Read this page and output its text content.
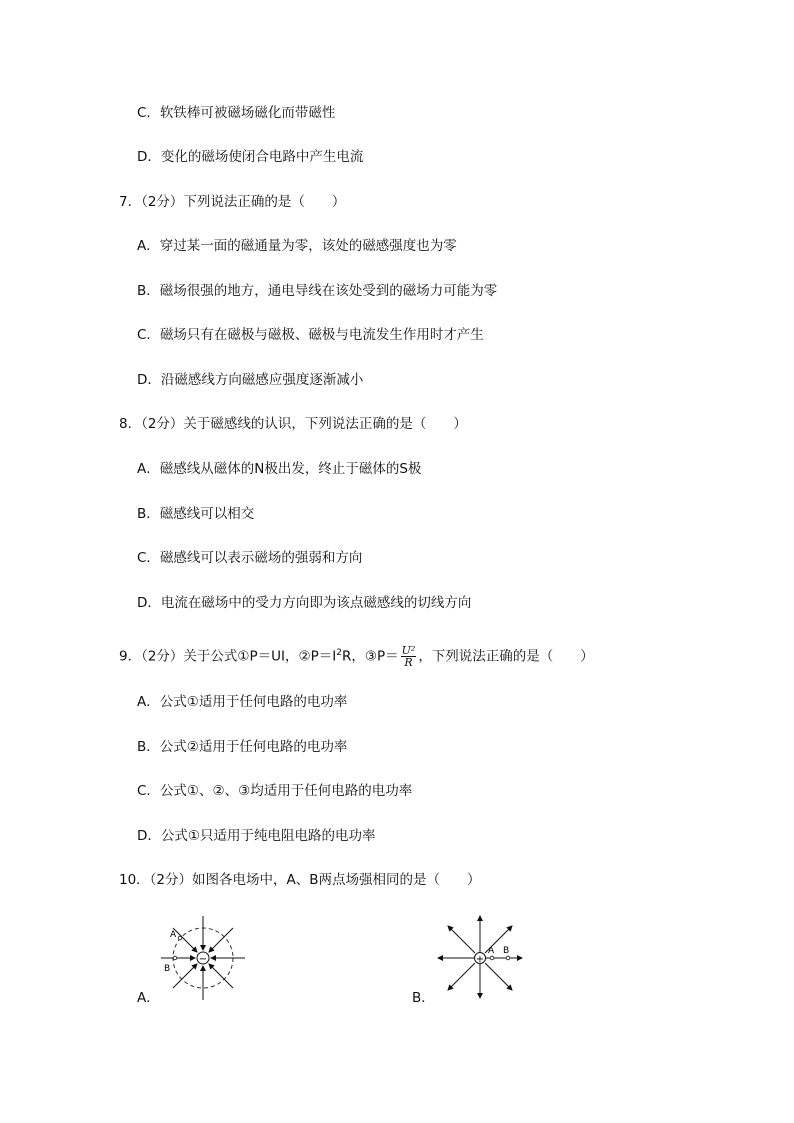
C．软铁棒可被磁场磁化而带磁性
D．变化的磁场使闭合电路中产生电流
7．（2分）下列说法正确的是（　　）
A．穿过某一面的磁通量为零，该处的磁感强度也为零
B．磁场很强的地方，通电导线在该处受到的磁场力可能为零
C．磁场只有在磁极与磁极、磁极与电流发生作用时才产生
D．沿磁感线方向磁感应强度逐渐减小
8．（2分）关于磁感线的认识，下列说法正确的是（　　）
A．磁感线从磁体的N极出发，终止于磁体的S极
B．磁感线可以相交
C．磁感线可以表示磁场的强弱和方向
D．电流在磁场中的受力方向即为该点磁感线的切线方向
9．（2分）关于公式①P＝UI，$②P=I^2R$，③P＝ $\frac{\text{U²}}{R}$ ，下列说法正确的是（　　）
A．公式①适用于任何电路的电功率
B．公式②适用于任何电路的电功率
C．公式①、②、③均适用于任何电路的电功率
D．公式①只适用于纯电阻电路的电功率
10．（2分）如图各电场中，A、B两点场强相同的是（　　）
A．
−
A
B
B．
+
A B
